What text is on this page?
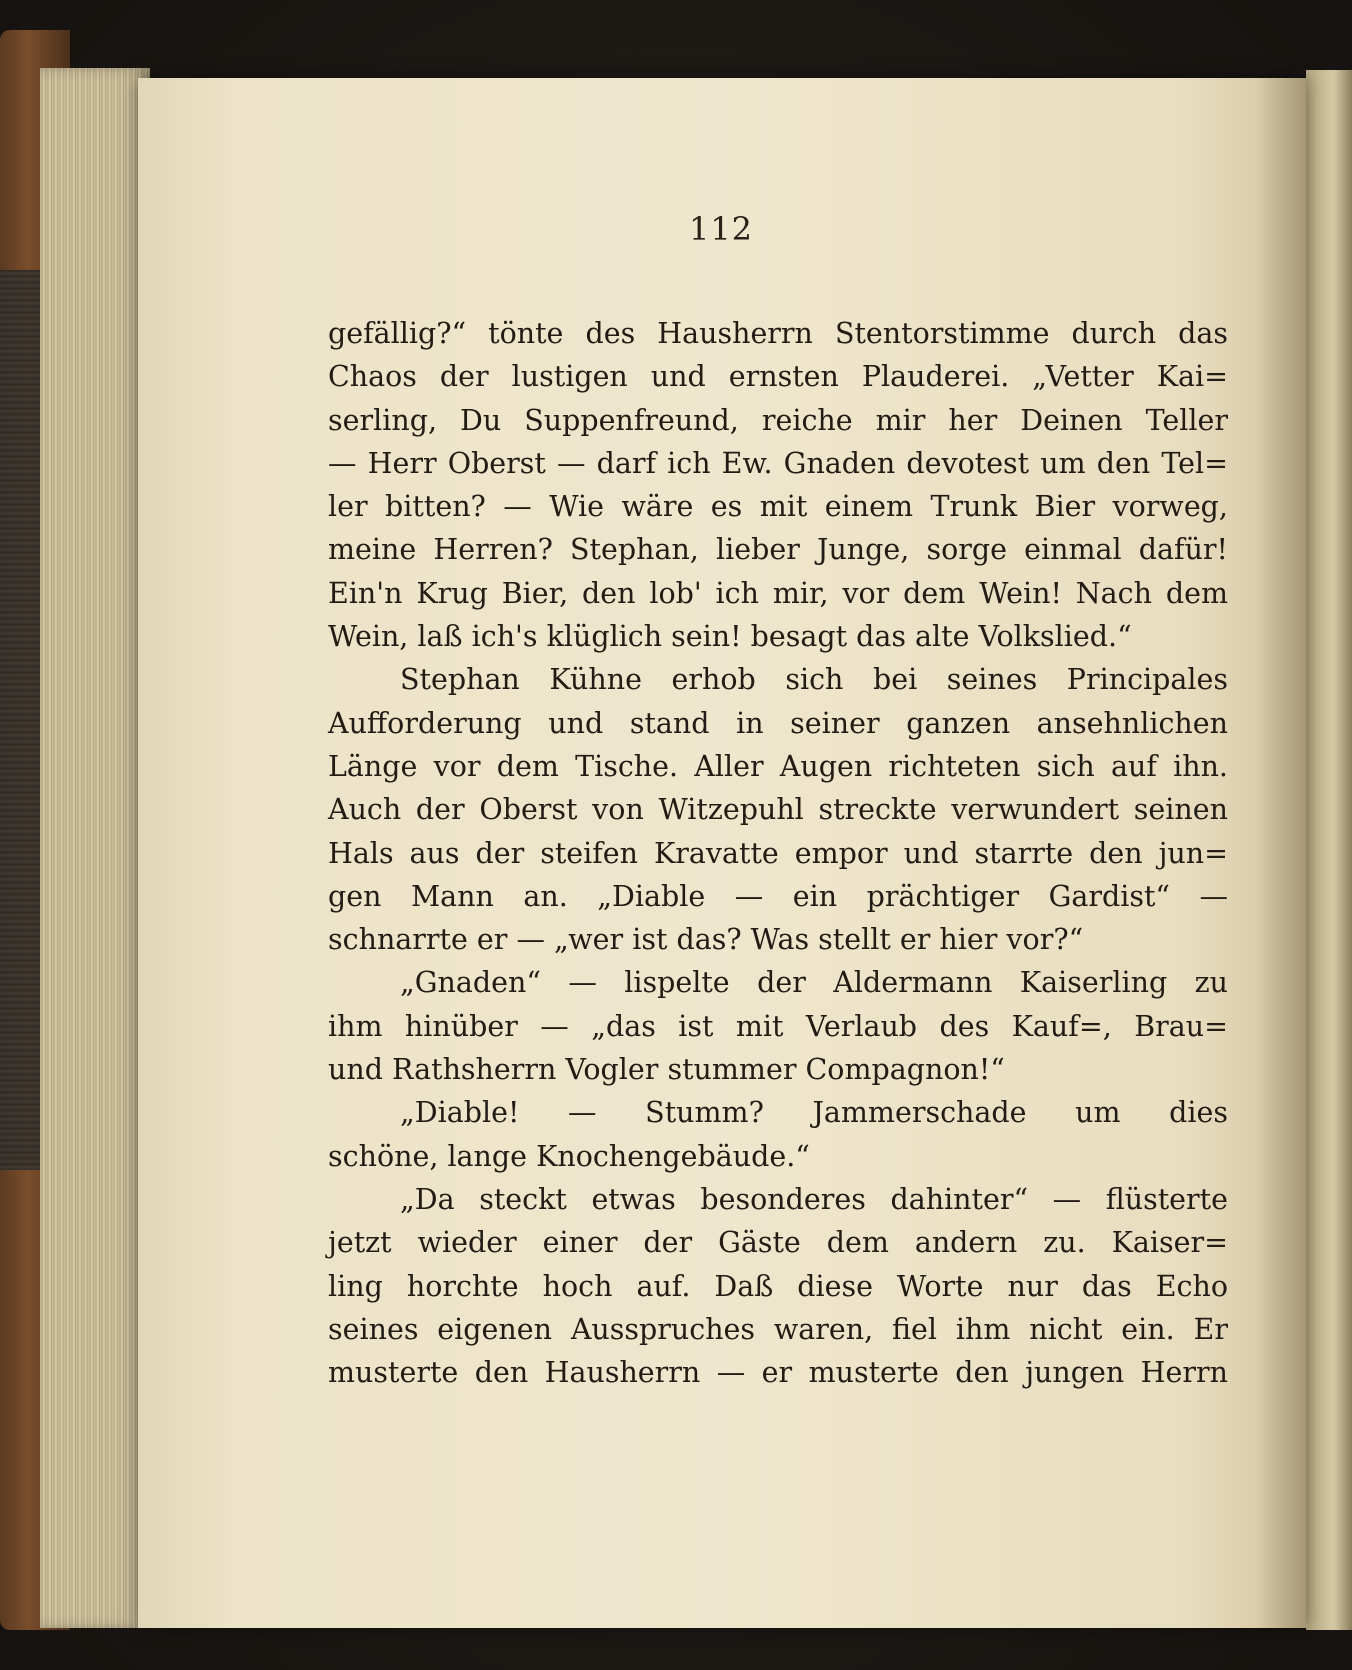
112
gefällig?“ tönte des Hausherrn Stentorstimme durch das
Chaos der lustigen und ernsten Plauderei. „Vetter Kai=
serling, Du Suppenfreund, reiche mir her Deinen Teller
— Herr Oberst — darf ich Ew. Gnaden devotest um den Tel=
ler bitten? — Wie wäre es mit einem Trunk Bier vorweg,
meine Herren? Stephan, lieber Junge, sorge einmal dafür!
Ein'n Krug Bier, den lob' ich mir, vor dem Wein! Nach dem
Wein, laß ich's klüglich sein! besagt das alte Volkslied.“
Stephan Kühne erhob sich bei seines Principales
Aufforderung und stand in seiner ganzen ansehnlichen
Länge vor dem Tische. Aller Augen richteten sich auf ihn.
Auch der Oberst von Witzepuhl streckte verwundert seinen
Hals aus der steifen Kravatte empor und starrte den jun=
gen Mann an. „Diable — ein prächtiger Gardist“ —
schnarrte er — „wer ist das? Was stellt er hier vor?“
„Gnaden“ — lispelte der Aldermann Kaiserling zu
ihm hinüber — „das ist mit Verlaub des Kauf=, Brau=
und Rathsherrn Vogler stummer Compagnon!“
„Diable! — Stumm? Jammerschade um dies
schöne, lange Knochengebäude.“
„Da steckt etwas besonderes dahinter“ — flüsterte
jetzt wieder einer der Gäste dem andern zu. Kaiser=
ling horchte hoch auf. Daß diese Worte nur das Echo
seines eigenen Ausspruches waren, fiel ihm nicht ein. Er
musterte den Hausherrn — er musterte den jungen Herrn
